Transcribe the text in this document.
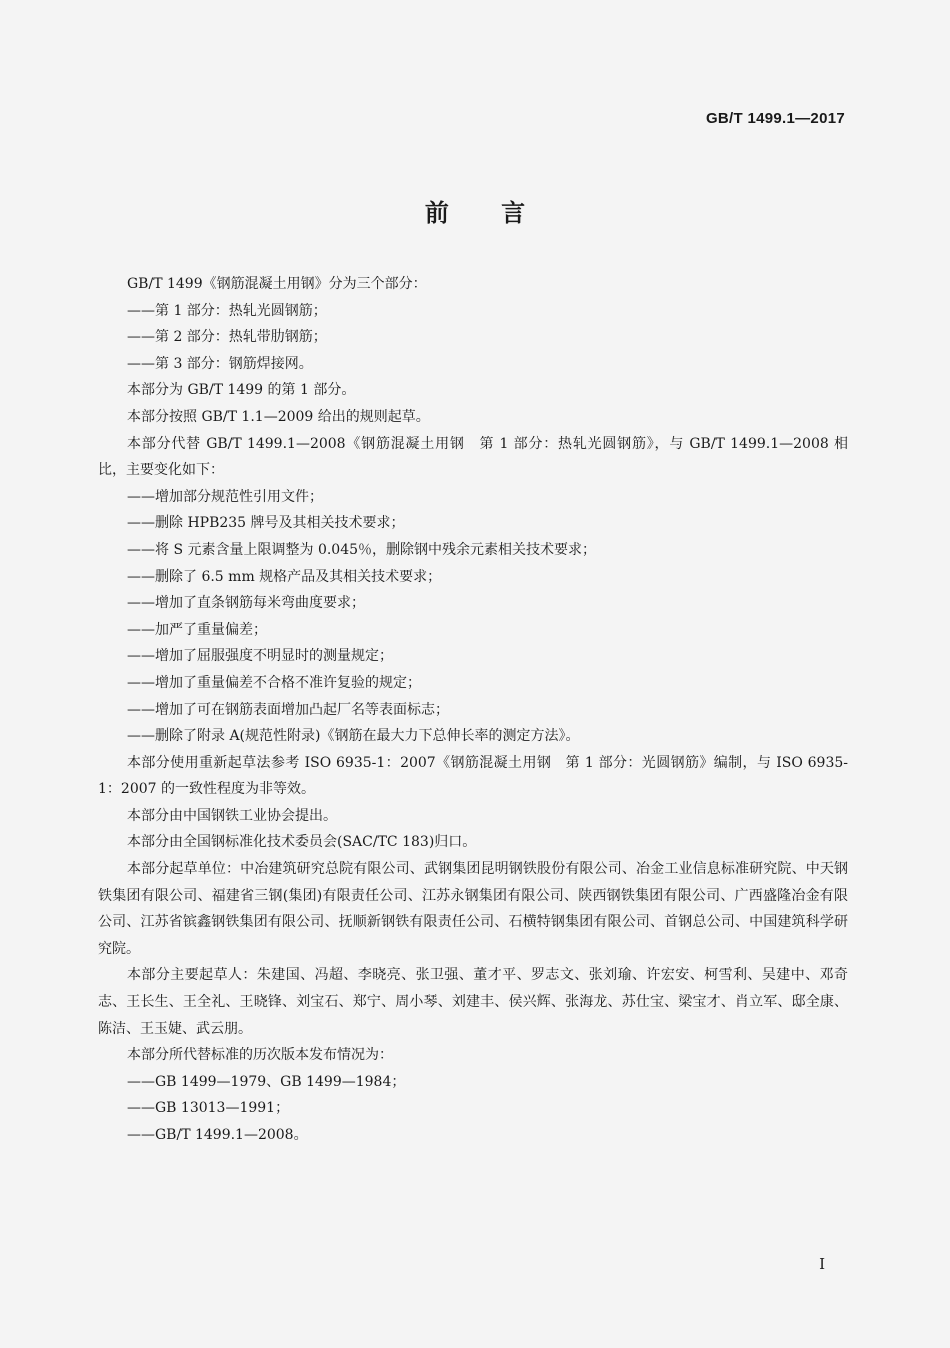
GB/T 1499.1—2017
前 言

GB/T 1499《钢筋混凝土用钢》分为三个部分：

——第 1 部分：热轧光圆钢筋；

——第 2 部分：热轧带肋钢筋；

——第 3 部分：钢筋焊接网。

本部分为 GB/T 1499 的第 1 部分。

本部分按照 GB/T 1.1—2009 给出的规则起草。

本部分代替 GB/T 1499.1—2008《钢筋混凝土用钢　第 1 部分：热轧光圆钢筋》，与 GB/T 1499.1—2008 相比，主要变化如下：

——增加部分规范性引用文件；

——删除 HPB235 牌号及其相关技术要求；

——将 S 元素含量上限调整为 0.045％，删除钢中残余元素相关技术要求；

——删除了 6.5 mm 规格产品及其相关技术要求；

——增加了直条钢筋每米弯曲度要求；

——加严了重量偏差；

——增加了屈服强度不明显时的测量规定；

——增加了重量偏差不合格不准许复验的规定；

——增加了可在钢筋表面增加凸起厂名等表面标志；

——删除了附录 A(规范性附录)《钢筋在最大力下总伸长率的测定方法》。

本部分使用重新起草法参考 ISO 6935-1：2007《钢筋混凝土用钢　第 1 部分：光圆钢筋》编制，与 ISO 6935-1：2007 的一致性程度为非等效。

本部分由中国钢铁工业协会提出。

本部分由全国钢标准化技术委员会(SAC/TC 183)归口。

本部分起草单位：中冶建筑研究总院有限公司、武钢集团昆明钢铁股份有限公司、冶金工业信息标准研究院、中天钢铁集团有限公司、福建省三钢(集团)有限责任公司、江苏永钢集团有限公司、陕西钢铁集团有限公司、广西盛隆冶金有限公司、江苏省镔鑫钢铁集团有限公司、抚顺新钢铁有限责任公司、石横特钢集团有限公司、首钢总公司、中国建筑科学研究院。

本部分主要起草人：朱建国、冯超、李晓亮、张卫强、董才平、罗志文、张刘瑜、许宏安、柯雪利、吴建中、邓奇志、王长生、王全礼、王晓锋、刘宝石、郑宁、周小琴、刘建丰、侯兴辉、张海龙、苏仕宝、梁宝才、肖立军、邸全康、陈洁、王玉婕、武云朋。

本部分所代替标准的历次版本发布情况为：

——GB 1499—1979、GB 1499—1984；

——GB 13013—1991；

——GB/T 1499.1—2008。

I
